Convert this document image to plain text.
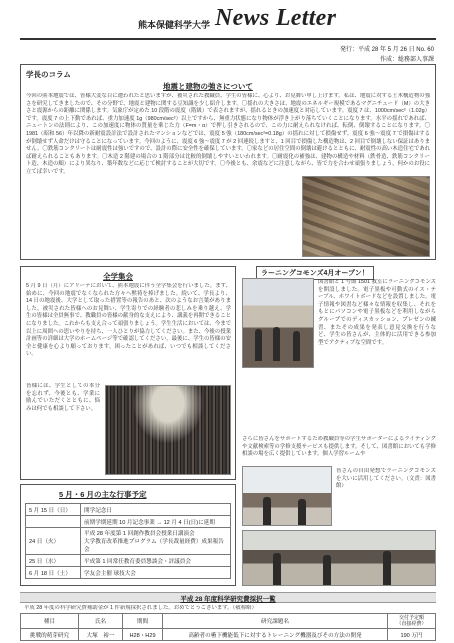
熊本保健科学大学 News Letter
発行：平成 28 年 5 月 26 日 No. 60
作成：総務部人事課
学長のコラム
地震と建物の強さについて
今回の熊本地震では、皆様大変な目に遭われたと思いますが、被災された教職員、学生の皆様に、心より、お見舞い申し上げます。私は、地震に対する土木構造物の強さを研究してきましたので、その分野で、地震と建物に関する豆知識を少し紹介します。〇揺れの大きさは、地震のエネルギー規模であるマグニチュード（M）の大きさと震源からの距離に関係します。気象庁が定めた 10 段階の震度（階級）で表されますが、揺れるときの加速度と対応しています。震度 7 は、1000cm/sec²（1.02g）です。震度 7 の上下動であれば、重力加速度 1g（980cm/sec²）以上ですから、無重力状態になり物体が浮き上がり落ちていくことになります。水平の揺れであれば、ニュートンの法則により、この加速度に物体の質量を乗じた力（F=m・α）で押し引きされるので、この力に耐えられなければ、転倒、倒壊することになります。〇1981（昭和 56）年以降の新耐震設計法で設計されたマンションなどでは、震度 5 強（180cm/sec²=0.18g）の揺れに対して損傷せず、震度 6 強～震度 7 で損傷はするが倒壊せず人命だけは守ることになっています。今回のように、震度 6 強～震度 7 が 2 回連続しますと、1 回目で損傷した構造物は、2 回目で倒壊しない保証はありません。〇鉄筋コンクリートは耐震性は強いですので、設計の際に安全性を確保しています。〇家などの居住空間の倒壊は避けるとともに、耐震性の高い木造住宅であれば耐えられることもあります。〇木造 2 階建の場合の 1 階部分は比較的倒壊しやすいといわれます。〇耐震化の補強は、建物の構造や材料（鉄骨造、鉄筋コンクリート造、木造の順）により異なり、築年数などに応じて検討することが大切です。〇今後とも、余震などに注意しながら、皆で力を合わせ頑張りましょう。何かのお役に立てば幸いです。
全学集会
5 月 9 日（月）にアリーナにおいて、熊本地震に伴う全学集会を行いました。まず、始めに、今回の地震でなくなられた方々へ黙祷を捧げました。続いて、学長より、14 日の地震後、大学として取った措置等の報告のあと、次のようなお言葉がありました。被災された皆様へのお見舞い、学生寄りでの経験者の悲しみを乗り越え、学生の皆様は全員無事で、教職員の皆様の献身的な支えにより、講義を再開できることになりました。これからも支え合って頑張りましょう。学生生活においては、今まで以上に周囲への思いやりを持ち、一人ひとりが協力してください。また、今後の授業計画等の詳細は大学のホームページ等で確認してください。最後に、学生の皆様の安全と健康を心より願っております。困ったことがあれば、いつでも相談してください。
皆様には、学生としての本分を忘れず、今後とも、学業に励んでいただくとともに、悩みは何でも相談して下さい。
ラーニングコモンズ4月オープン！
図書館と 1 号館 1501 教室にラーニングコモンズを開設しました。電子黒板や可動式のイス・テーブル、ホワイトボードなどを設置しました。電子情報や図書など様々な情報を収集し、それをもとにパソコンや電子黒板などを利用しながらグループでのディスカッション、プレゼンの練習、またその成果を発表し意見交換を行うなど、学生の皆さんが、主体的に活用できる参加型でアクティブな空間です。
さらに皆さんをサポートするため教職員等の学生サポーターによるライティングや文献検索等の学修支援サービスも提供します。そして、図書館においても学修相談の場を広く提供しています。個人学習ルームや
皆さんの自由発想でラーニングコモンズを大いに活用してください。（文責：図書館）
5 月・6 月の主な行事予定
5 月 15 日（日）	開学記念日
	前期学期延期 10 月記念事業 → 12 月 4 日(日)に延期
24 日（火）	平成 28 年度第 1 回創作教員会授業日講演会
大学教育改革推進プログラム（学長裁量経費）成果報告会
25 日（水）	平成第 1 回常任教育委員懇談会・評議員会
6 月 18 日（土）	学友会主催 球技大会
平成 28 年度科学研究費採択一覧
平成 28 年度の科学研究費補助金が 1 件新規採択されました。おめでとうございます。（敬称略）
種目	氏名	期間	研究課題名	交付予定額
（直接経費）
挑戦的萌芽研究	大塚　裕一	H28・H29	高齢者の嚥下機能低下に対するトレーニング機器及びその方法の開発	190 万円
